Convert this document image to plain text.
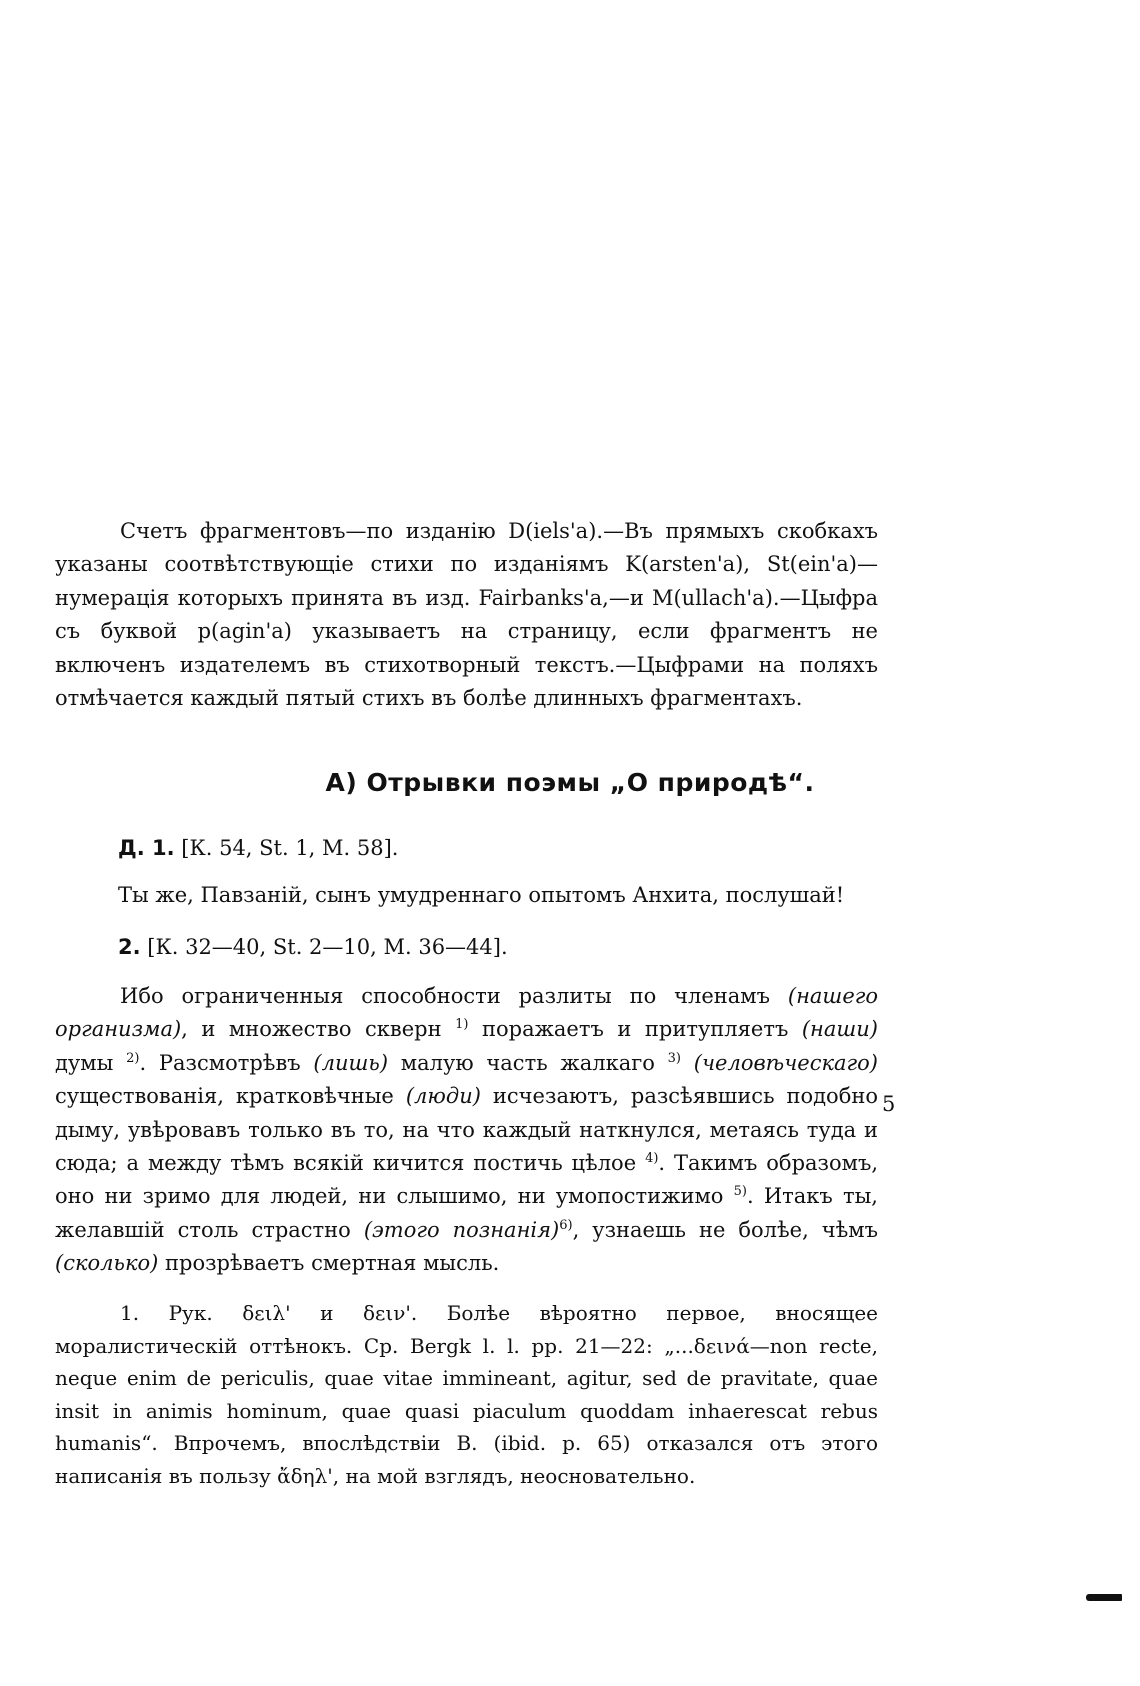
Счетъ фрагментовъ—по изданію D(iels'a).—Въ прямыхъ скобкахъ указаны соотвѣтствующіе стихи по изданіямъ K(arsten'a), St(ein'a)—нумерація которыхъ принята въ изд. Fairbanks'a,—и M(ullach'a).—Цыфра съ буквой p(agin'a) указываетъ на страницу, если фрагментъ не включенъ издателемъ въ стихотворный текстъ.—Цыфрами на поляхъ отмѣчается каждый пятый стихъ въ болѣе длинныхъ фрагментахъ.

А) Отрывки поэмы „О природѣ“.
Д. 1. [К. 54, St. 1, М. 58].
Ты же, Павзаній, сынъ умудреннаго опытомъ Анхита, послушай!
2. [К. 32—40, St. 2—10, М. 36—44].

Ибо ограниченныя способности разлиты по членамъ (нашего организма), и множество скверн $^{1)}$ поражаетъ и притупляетъ (наши) думы $^{2)}$. Разсмотрѣвъ (лишь) малую часть жалкаго $^{3)}$ (человѣческаго) существованія, кратковѣчные (люди) исчезаютъ, разсѣявшись подобно дыму, увѣровавъ только въ то, на что каждый наткнулся, метаясь туда и сюда; а между тѣмъ всякій кичится постичь цѣлое $^{4)}$. Такимъ образомъ, оно ни зримо для людей, ни слышимо, ни умопостижимо $^{5)}$. Итакъ ты, желавшій столь страстно (этого познанія)$^{6)}$, узнаешь не болѣе, чѣмъ (сколько) прозрѣваетъ смертная мысль.

5

1. Рук. δειλ' и δειν'. Болѣе вѣроятно первое, вносящее моралистическій оттѣнокъ. Ср. Bergk l. l. pp. 21—22: „...δεινά—non recte, neque enim de periculis, quae vitae immineant, agitur, sed de pravitate, quae insit in animis hominum, quae quasi piaculum quoddam inhaerescat rebus humanis“. Впрочемъ, впослѣдствіи В. (ibid. p. 65) отказался отъ этого написанія въ пользу ἄδηλ', на мой взглядъ, неосновательно.
